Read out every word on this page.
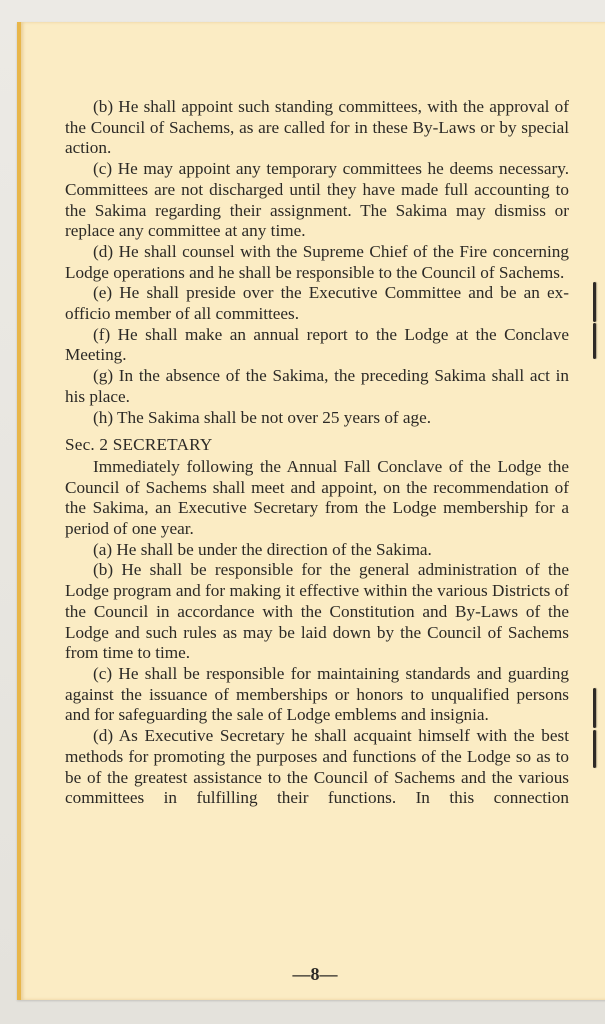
(b) He shall appoint such standing committees, with the approval of the Council of Sachems, as are called for in these By-Laws or by special action.

(c) He may appoint any temporary committees he deems necessary. Committees are not discharged until they have made full accounting to the Sakima regarding their assignment. The Sakima may dismiss or replace any committee at any time.

(d) He shall counsel with the Supreme Chief of the Fire concerning Lodge operations and he shall be responsible to the Council of Sachems.

(e) He shall preside over the Executive Committee and be an ex-officio member of all committees.

(f) He shall make an annual report to the Lodge at the Conclave Meeting.

(g) In the absence of the Sakima, the preceding Sakima shall act in his place.

(h) The Sakima shall be not over 25 years of age.

Sec. 2 SECRETARY

Immediately following the Annual Fall Conclave of the Lodge the Council of Sachems shall meet and appoint, on the recommendation of the Sakima, an Executive Secretary from the Lodge membership for a period of one year.

(a) He shall be under the direction of the Sakima.

(b) He shall be responsible for the general administration of the Lodge program and for making it effective within the various Districts of the Council in accordance with the Constitution and By-Laws of the Lodge and such rules as may be laid down by the Council of Sachems from time to time.

(c) He shall be responsible for maintaining standards and guarding against the issuance of memberships or honors to unqualified persons and for safeguarding the sale of Lodge emblems and insignia.

(d) As Executive Secretary he shall acquaint himself with the best methods for promoting the purposes and functions of the Lodge so as to be of the greatest assistance to the Council of Sachems and the various committees in fulfilling their functions. In this connection

—8—
